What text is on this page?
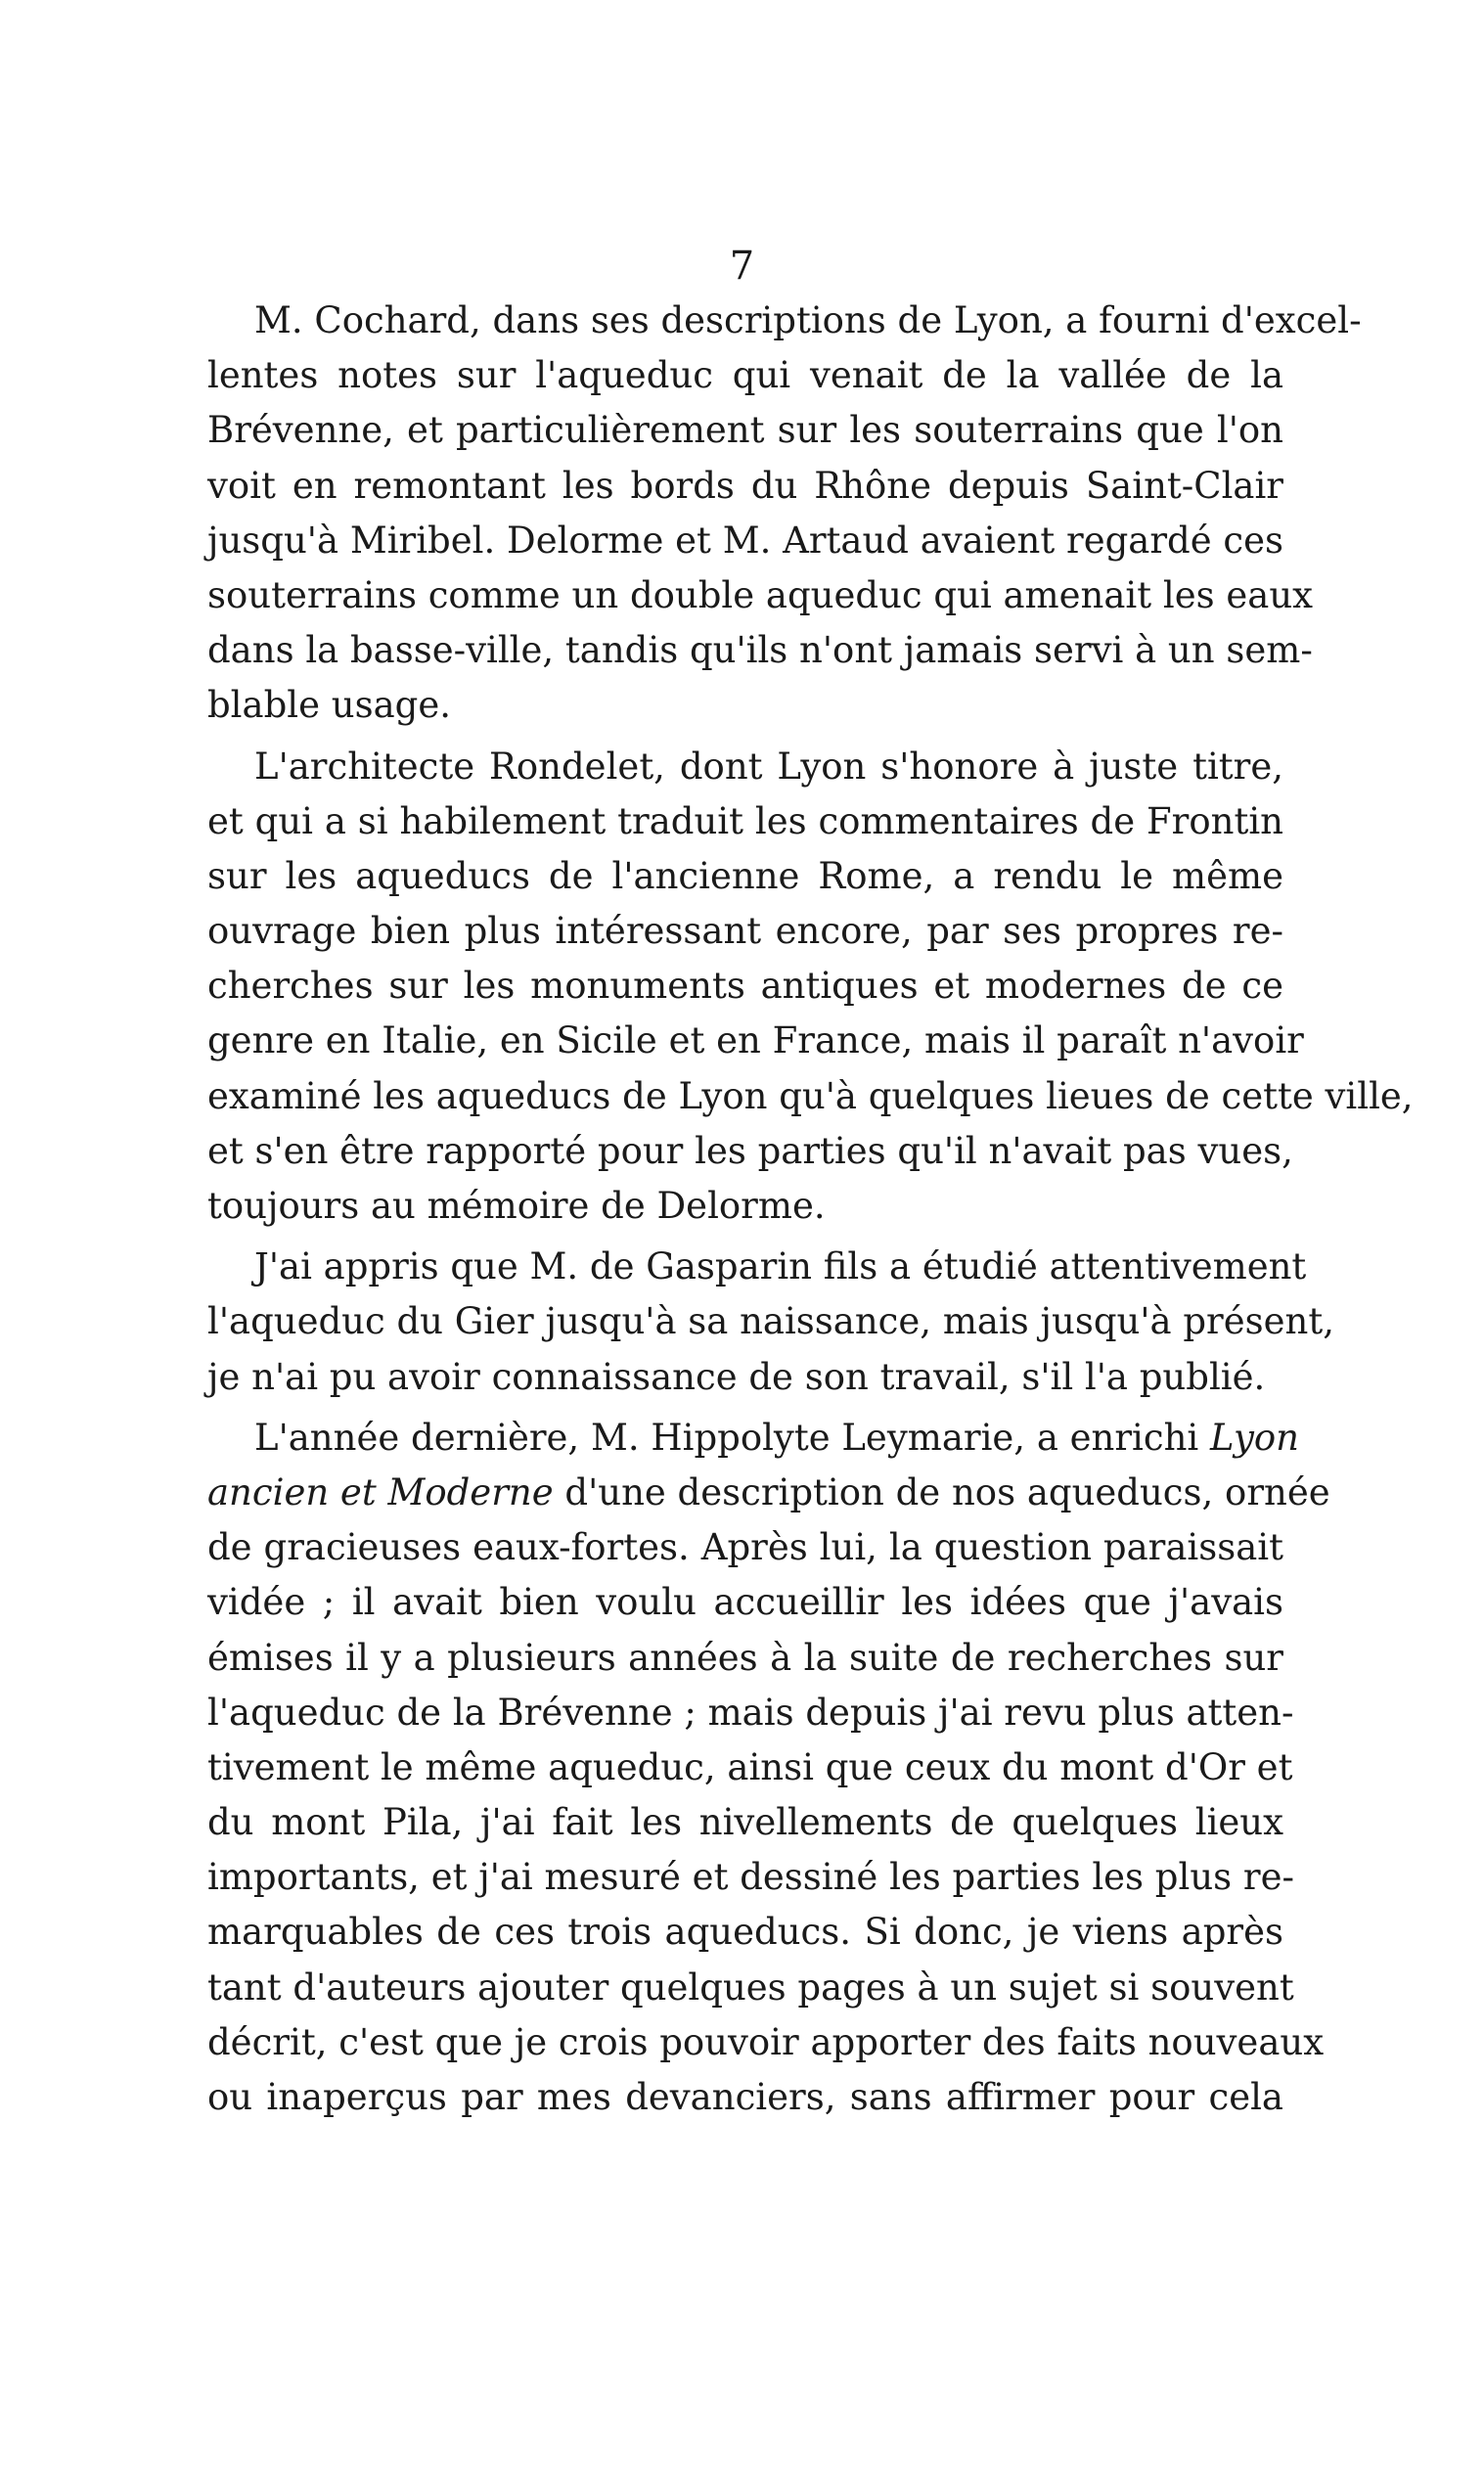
7
M. Cochard, dans ses descriptions de Lyon, a fourni d'excel-
lentes notes sur l'aqueduc qui venait de la vallée de la
Brévenne, et particulièrement sur les souterrains que l'on
voit en remontant les bords du Rhône depuis Saint-Clair
jusqu'à Miribel. Delorme et M. Artaud avaient regardé ces
souterrains comme un double aqueduc qui amenait les eaux
dans la basse-ville, tandis qu'ils n'ont jamais servi à un sem-
blable usage.
L'architecte Rondelet, dont Lyon s'honore à juste titre,
et qui a si habilement traduit les commentaires de Frontin
sur les aqueducs de l'ancienne Rome, a rendu le même
ouvrage bien plus intéressant encore, par ses propres re-
cherches sur les monuments antiques et modernes de ce
genre en Italie, en Sicile et en France, mais il paraît n'avoir
examiné les aqueducs de Lyon qu'à quelques lieues de cette ville,
et s'en être rapporté pour les parties qu'il n'avait pas vues,
toujours au mémoire de Delorme.
J'ai appris que M. de Gasparin fils a étudié attentivement
l'aqueduc du Gier jusqu'à sa naissance, mais jusqu'à présent,
je n'ai pu avoir connaissance de son travail, s'il l'a publié.
L'année dernière, M. Hippolyte Leymarie, a enrichi Lyon
ancien et Moderne d'une description de nos aqueducs, ornée
de gracieuses eaux-fortes. Après lui, la question paraissait
vidée ; il avait bien voulu accueillir les idées que j'avais
émises il y a plusieurs années à la suite de recherches sur
l'aqueduc de la Brévenne ; mais depuis j'ai revu plus atten-
tivement le même aqueduc, ainsi que ceux du mont d'Or et
du mont Pila, j'ai fait les nivellements de quelques lieux
importants, et j'ai mesuré et dessiné les parties les plus re-
marquables de ces trois aqueducs. Si donc, je viens après
tant d'auteurs ajouter quelques pages à un sujet si souvent
décrit, c'est que je crois pouvoir apporter des faits nouveaux
ou inaperçus par mes devanciers, sans affirmer pour cela
